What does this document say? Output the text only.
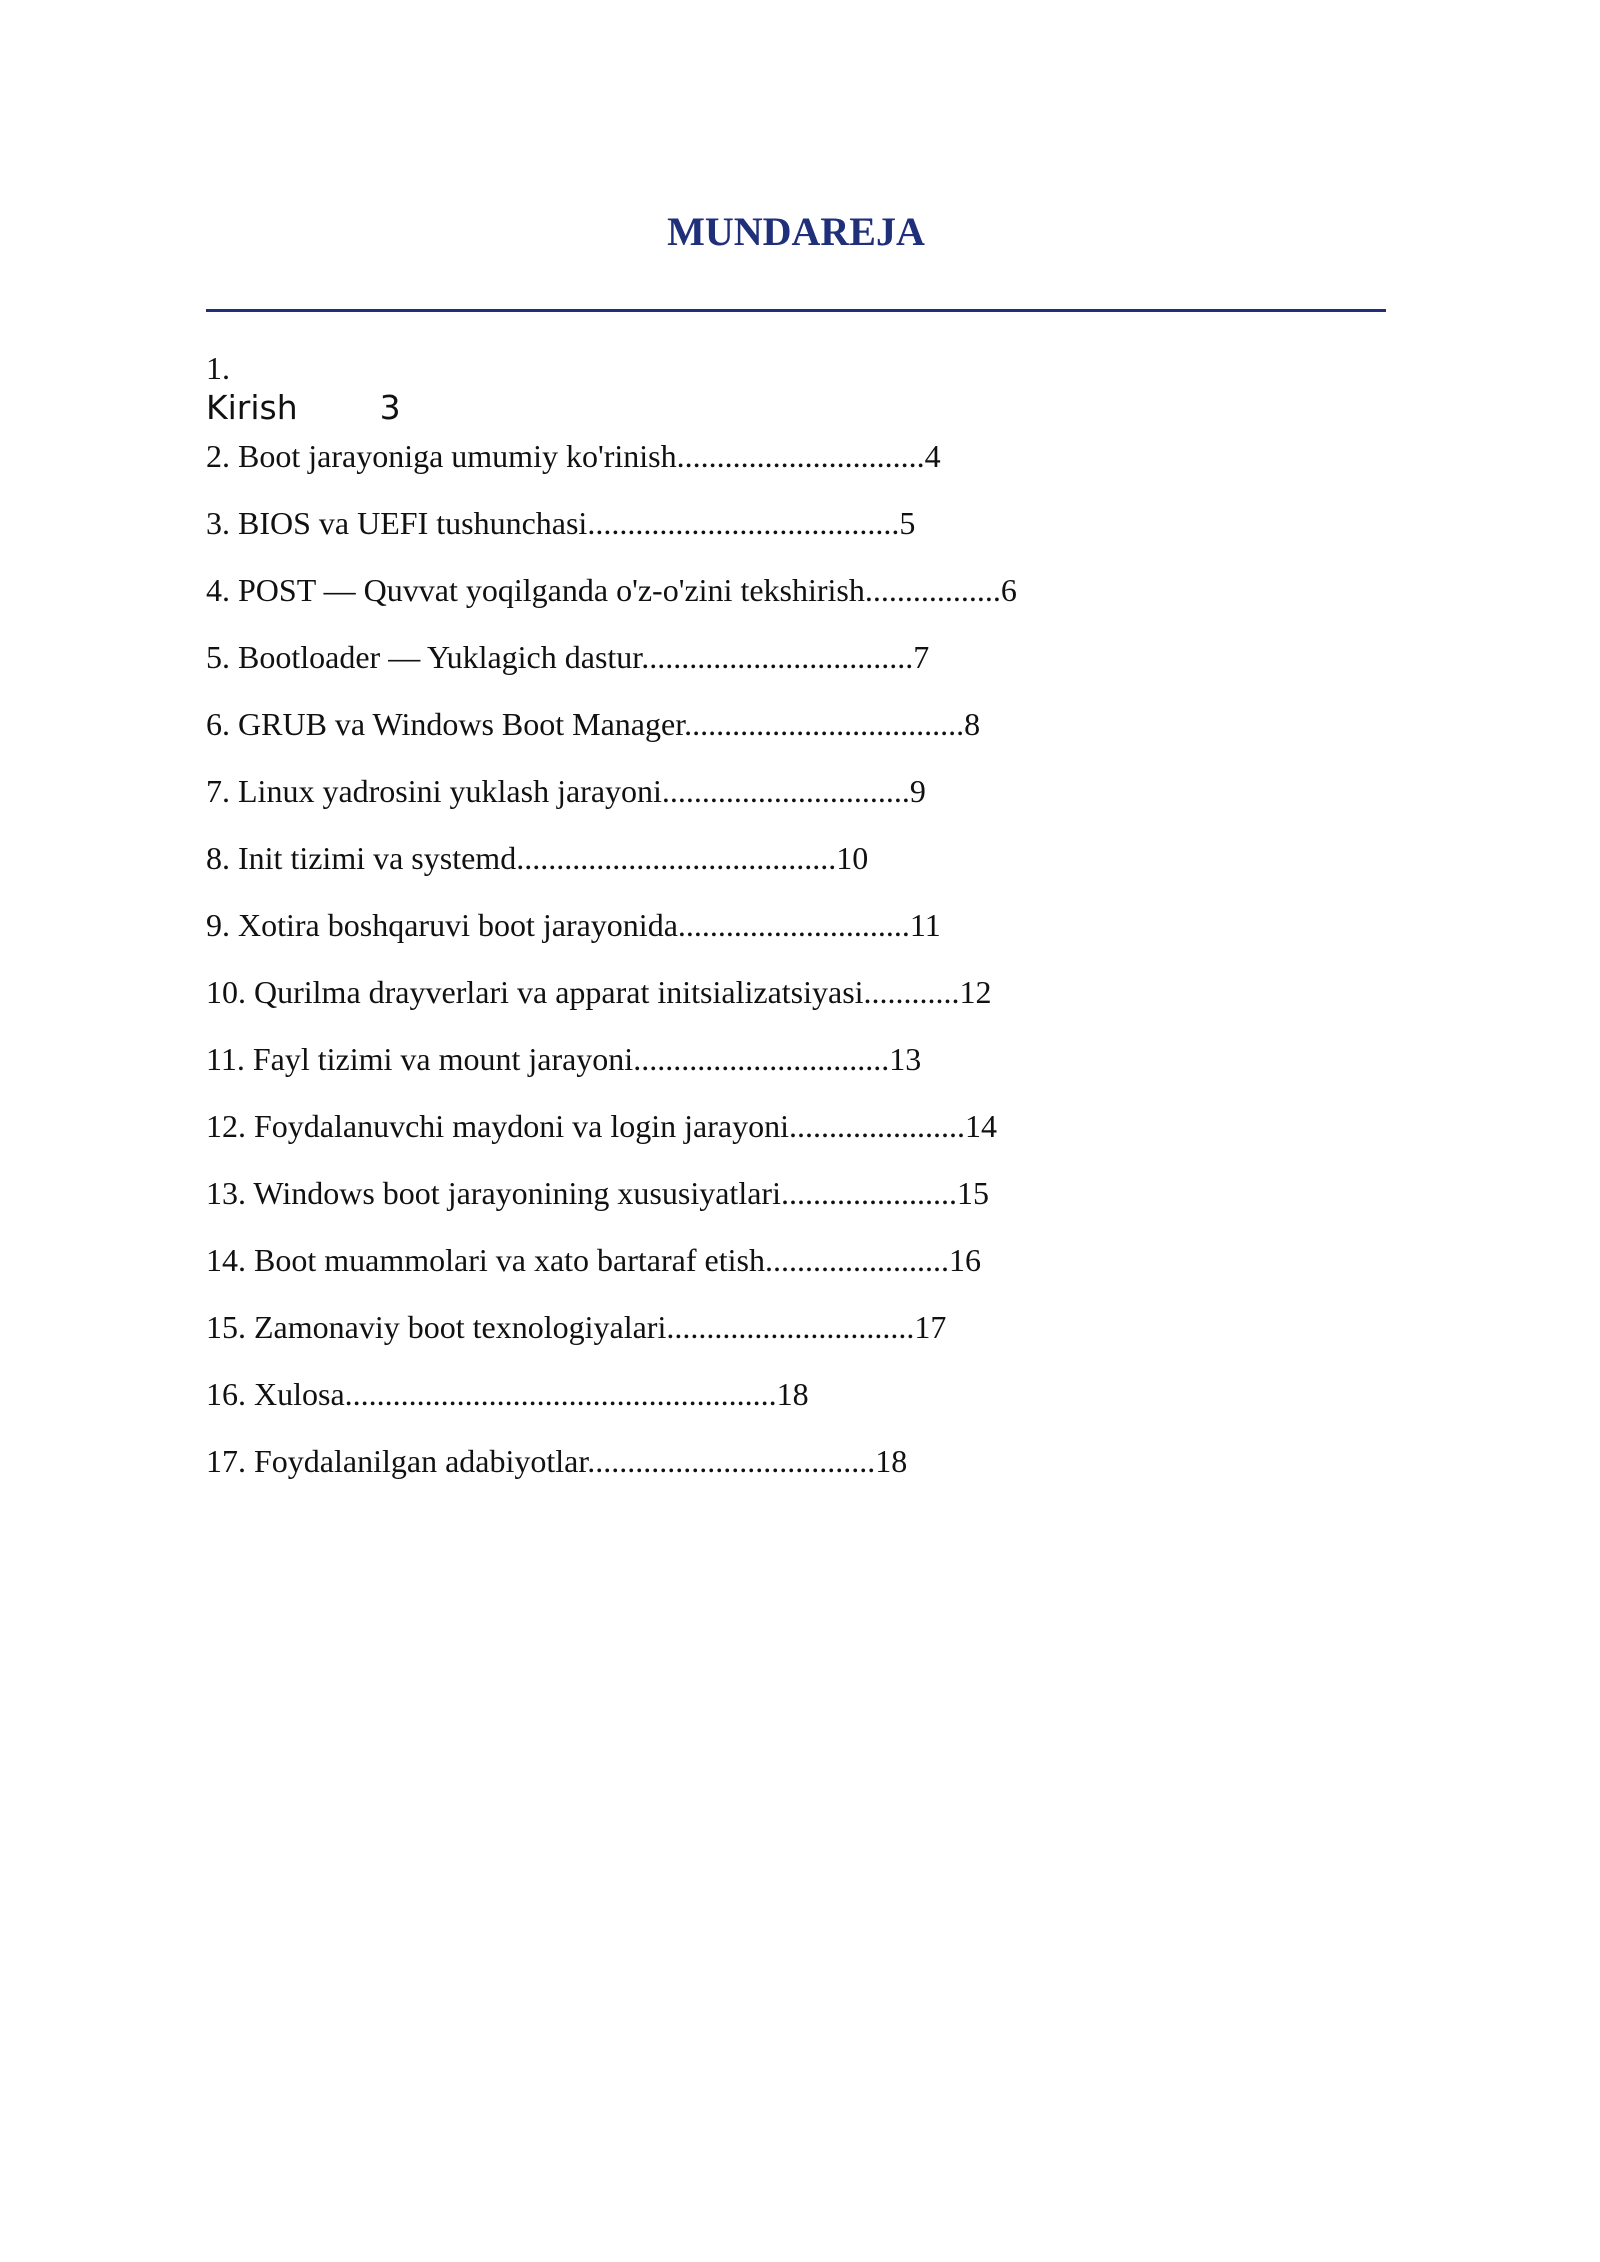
MUNDAREJA
1.
Kirish 3
2. Boot jarayoniga umumiy ko'rinish...............................4
3. BIOS va UEFI tushunchasi.......................................5
4. POST — Quvvat yoqilganda o'z-o'zini tekshirish.................6
5. Bootloader — Yuklagich dastur..................................7
6. GRUB va Windows Boot Manager...................................8
7. Linux yadrosini yuklash jarayoni...............................9
8. Init tizimi va systemd........................................10
9. Xotira boshqaruvi boot jarayonida.............................11
10. Qurilma drayverlari va apparat initsializatsiyasi............12
11. Fayl tizimi va mount jarayoni................................13
12. Foydalanuvchi maydoni va login jarayoni......................14
13. Windows boot jarayonining xususiyatlari......................15
14. Boot muammolari va xato bartaraf etish.......................16
15. Zamonaviy boot texnologiyalari...............................17
16. Xulosa......................................................18
17. Foydalanilgan adabiyotlar....................................18
